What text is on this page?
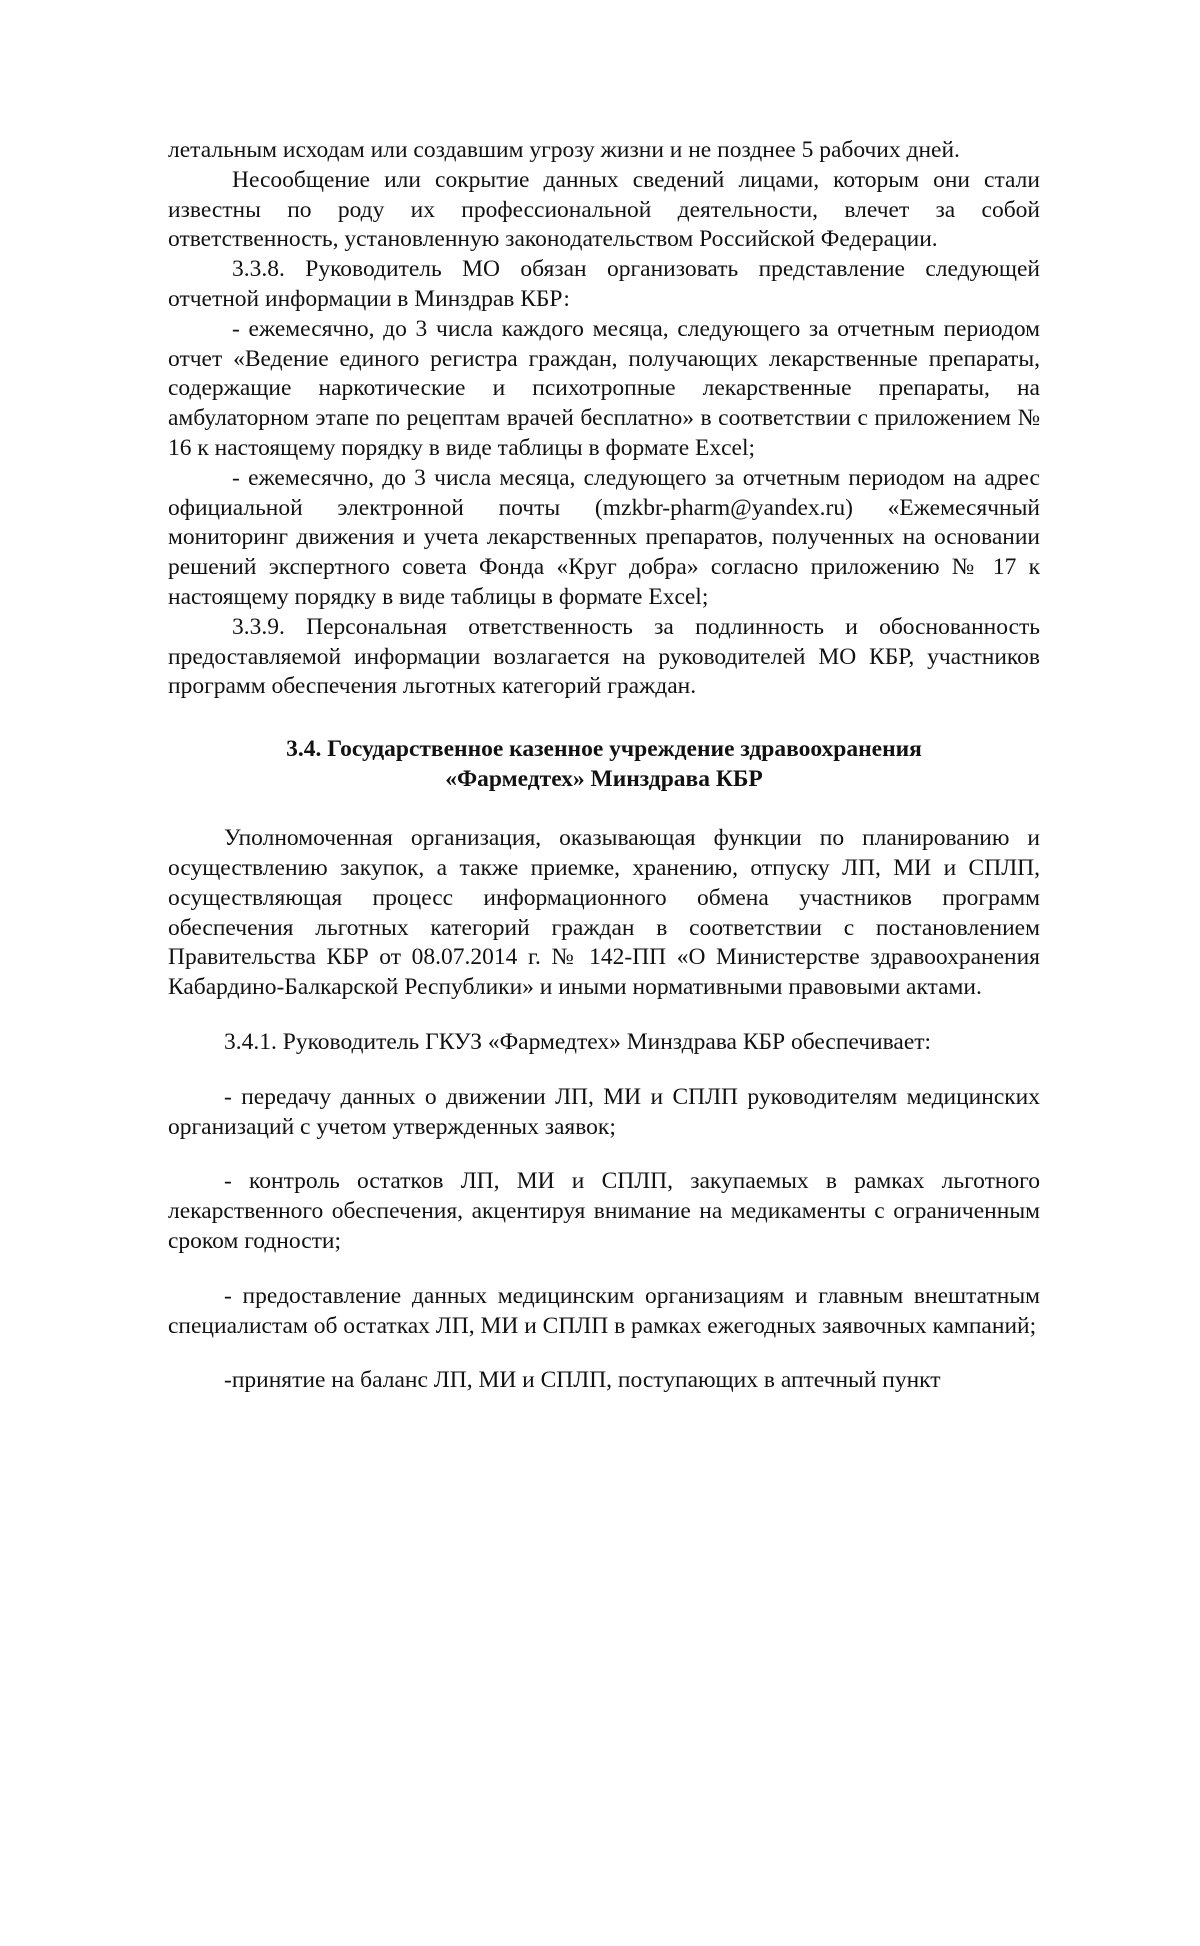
летальным исходам или создавшим угрозу жизни и не позднее 5 рабочих дней.

Несообщение или сокрытие данных сведений лицами, которым они стали известны по роду их профессиональной деятельности, влечет за собой ответственность, установленную законодательством Российской Федерации.

3.3.8. Руководитель МО обязан организовать представление следующей отчетной информации в Минздрав КБР:

- ежемесячно, до 3 числа каждого месяца, следующего за отчетным периодом отчет «Ведение единого регистра граждан, получающих лекарственные препараты, содержащие наркотические и психотропные лекарственные препараты, на амбулаторном этапе по рецептам врачей бесплатно» в соответствии с приложением № 16 к настоящему порядку в виде таблицы в формате Excel;

- ежемесячно, до 3 числа месяца, следующего за отчетным периодом на адрес официальной электронной почты (mzkbr-pharm@yandex.ru) «Ежемесячный мониторинг движения и учета лекарственных препаратов, полученных на основании решений экспертного совета Фонда «Круг добра» согласно приложению № 17 к настоящему порядку в виде таблицы в формате Excel;

3.3.9. Персональная ответственность за подлинность и обоснованность предоставляемой информации возлагается на руководителей МО КБР, участников программ обеспечения льготных категорий граждан.

3.4. Государственное казенное учреждение здравоохранения
«Фармедтех» Минздрава КБР

Уполномоченная организация, оказывающая функции по планированию и осуществлению закупок, а также приемке, хранению, отпуску ЛП, МИ и СПЛП, осуществляющая процесс информационного обмена участников программ обеспечения льготных категорий граждан в соответствии с постановлением Правительства КБР от 08.07.2014 г. № 142-ПП «О Министерстве здравоохранения Кабардино-Балкарской Республики» и иными нормативными правовыми актами.

3.4.1. Руководитель ГКУЗ «Фармедтех» Минздрава КБР обеспечивает:

- передачу данных о движении ЛП, МИ и СПЛП руководителям медицинских организаций с учетом утвержденных заявок;

- контроль остатков ЛП, МИ и СПЛП, закупаемых в рамках льготного лекарственного обеспечения, акцентируя внимание на медикаменты с ограниченным сроком годности;

- предоставление данных медицинским организациям и главным внештатным специалистам об остатках ЛП, МИ и СПЛП в рамках ежегодных заявочных кампаний;

-принятие на баланс ЛП, МИ и СПЛП, поступающих в аптечный пункт
